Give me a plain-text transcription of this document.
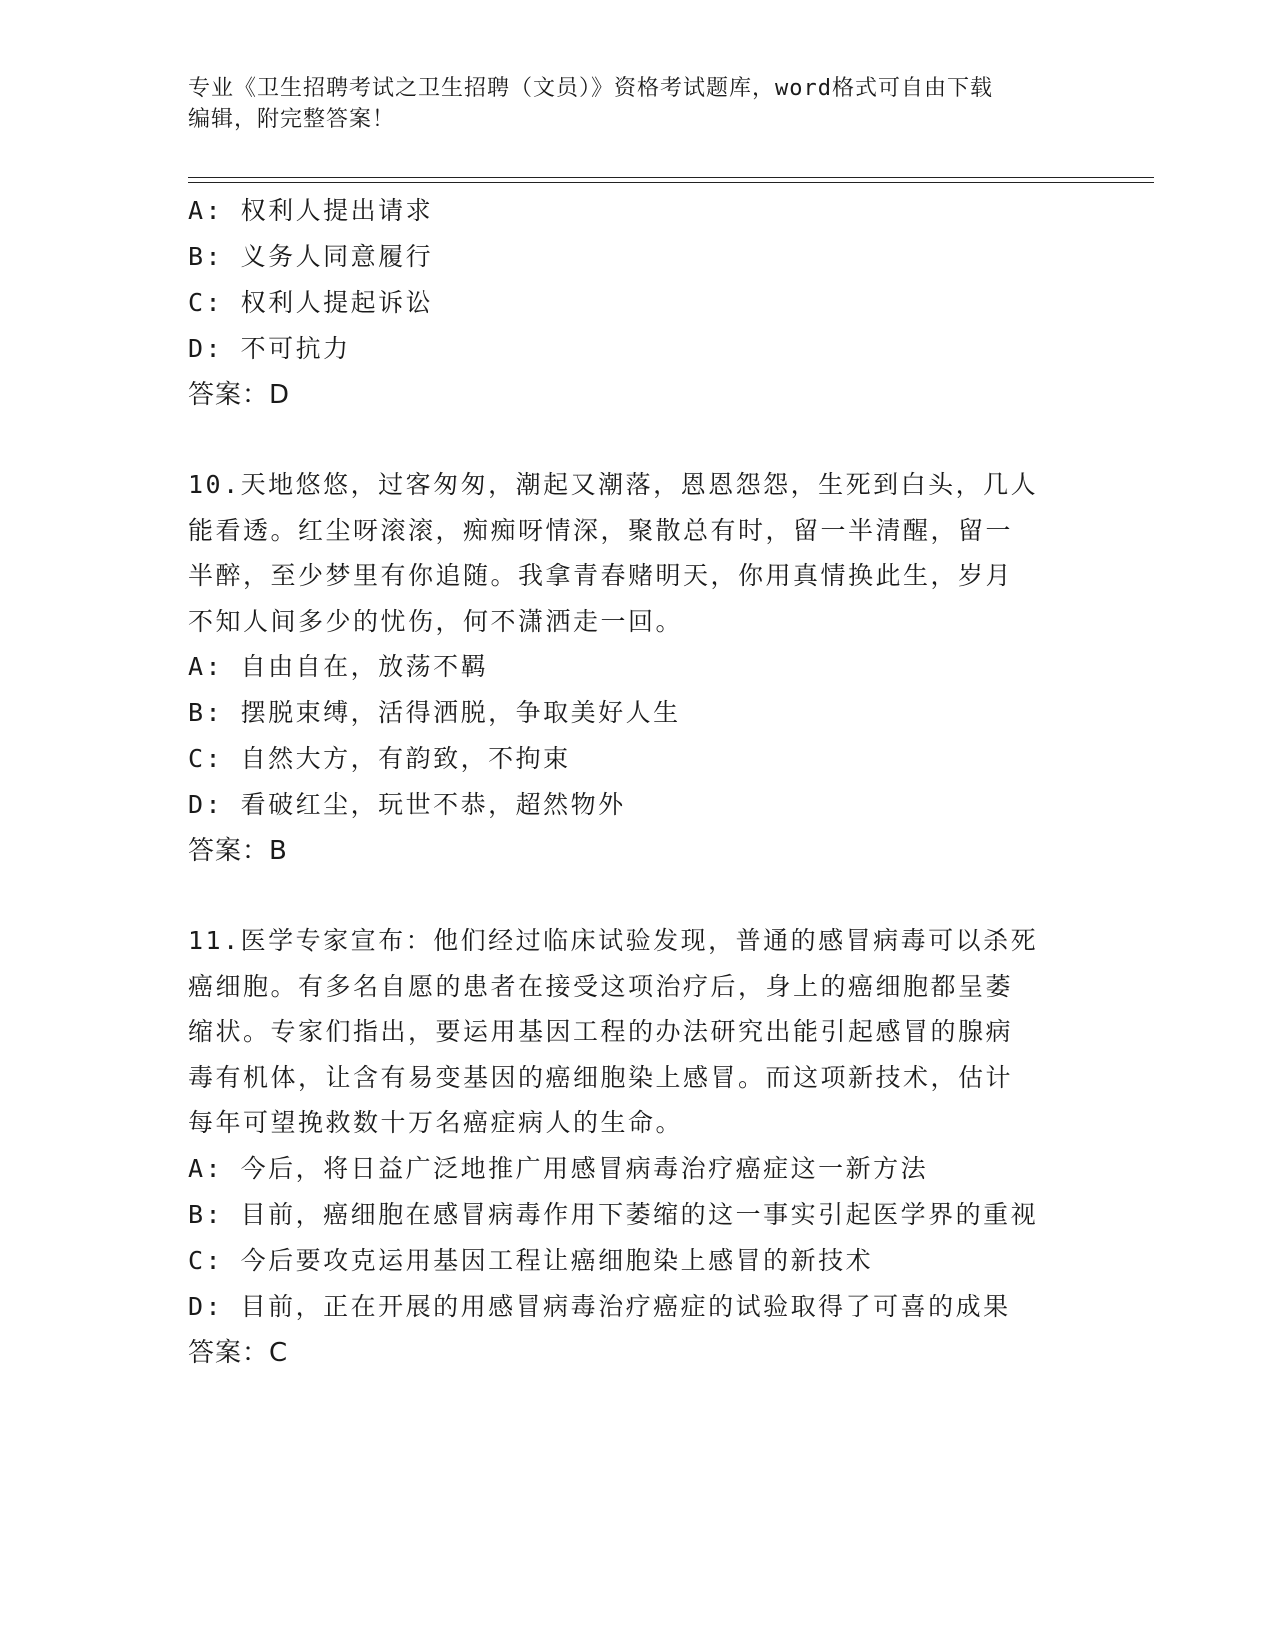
专业《卫生招聘考试之卫生招聘（文员）》资格考试题库，word格式可自由下载
编辑，附完整答案！
A: 权利人提出请求
B: 义务人同意履行
C: 权利人提起诉讼
D: 不可抗力
答案：D
10.天地悠悠，过客匆匆，潮起又潮落，恩恩怨怨，生死到白头，几人
能看透。红尘呀滚滚，痴痴呀情深，聚散总有时，留一半清醒，留一
半醉，至少梦里有你追随。我拿青春赌明天，你用真情换此生，岁月
不知人间多少的忧伤，何不潇洒走一回。
A: 自由自在，放荡不羁
B: 摆脱束缚，活得洒脱，争取美好人生
C: 自然大方，有韵致，不拘束
D: 看破红尘，玩世不恭，超然物外
答案：B
11.医学专家宣布：他们经过临床试验发现，普通的感冒病毒可以杀死
癌细胞。有多名自愿的患者在接受这项治疗后，身上的癌细胞都呈萎
缩状。专家们指出，要运用基因工程的办法研究出能引起感冒的腺病
毒有机体，让含有易变基因的癌细胞染上感冒。而这项新技术，估计
每年可望挽救数十万名癌症病人的生命。
A: 今后，将日益广泛地推广用感冒病毒治疗癌症这一新方法
B: 目前，癌细胞在感冒病毒作用下萎缩的这一事实引起医学界的重视
C: 今后要攻克运用基因工程让癌细胞染上感冒的新技术
D: 目前，正在开展的用感冒病毒治疗癌症的试验取得了可喜的成果
答案：C
